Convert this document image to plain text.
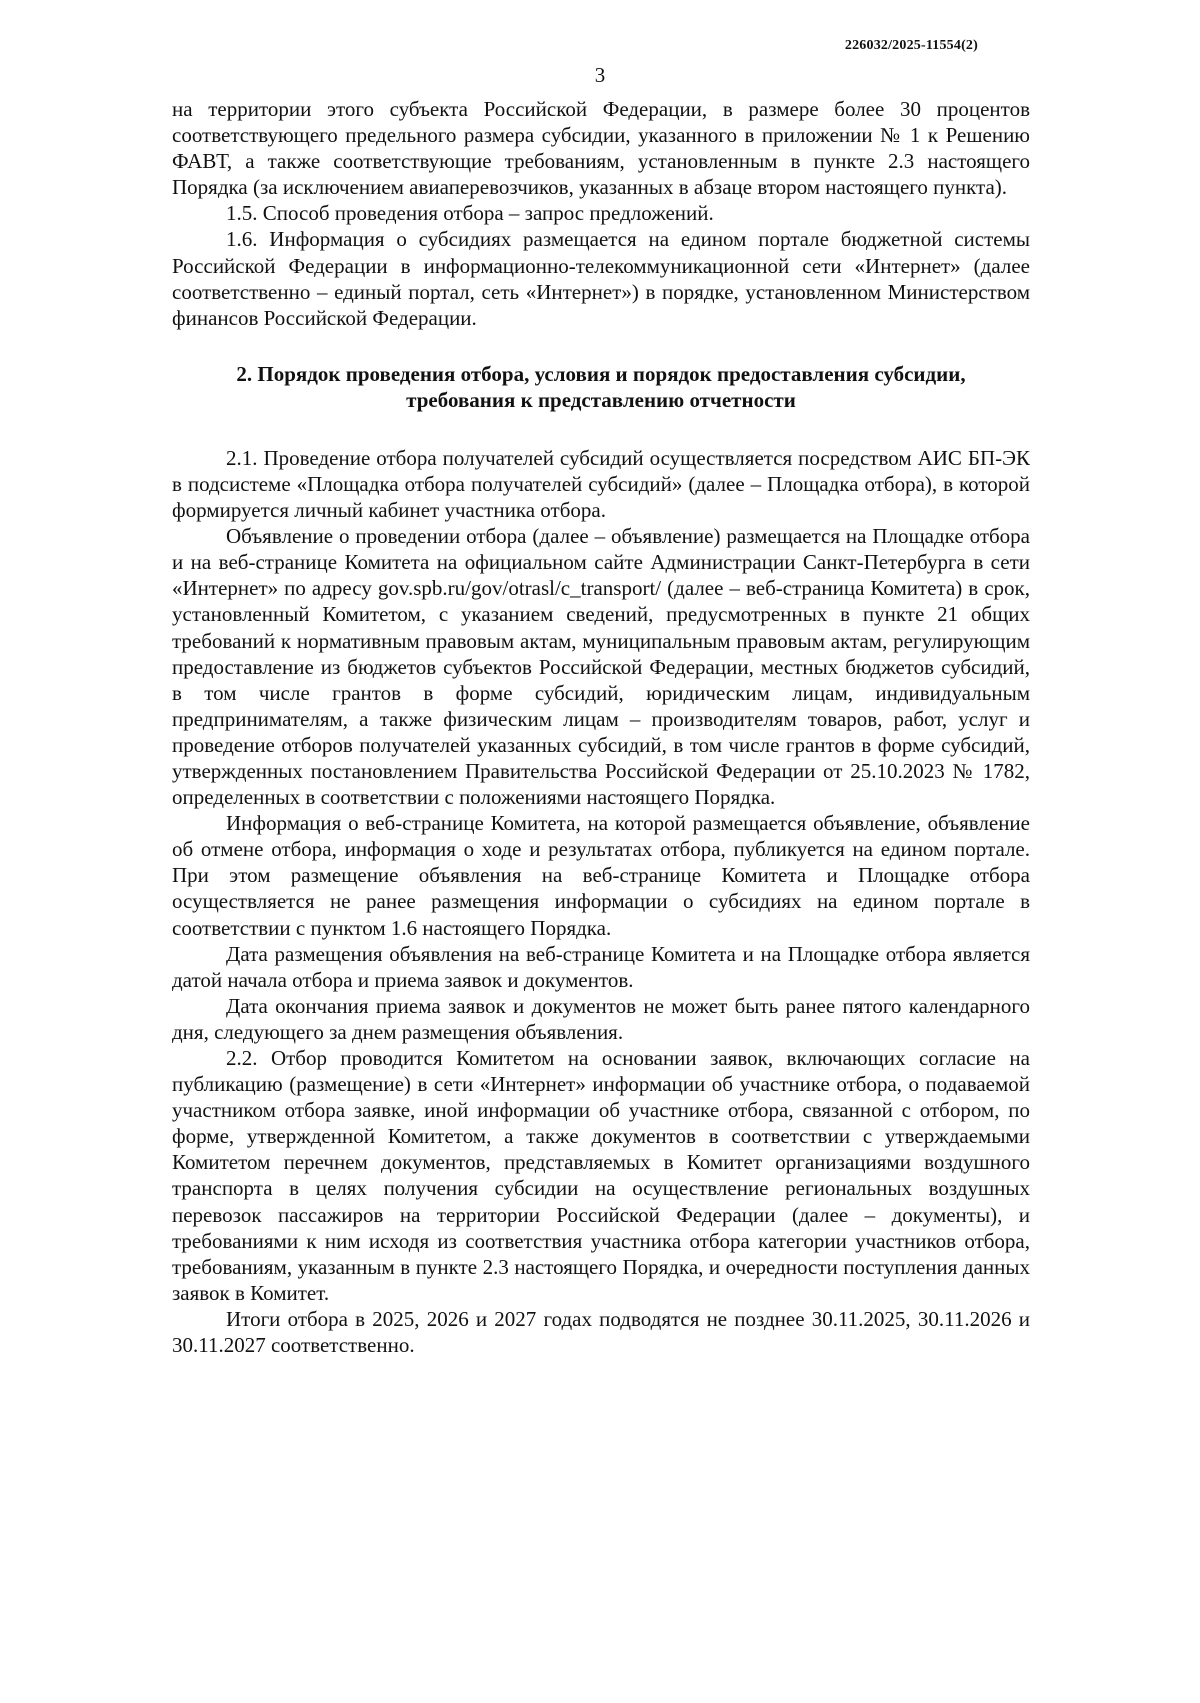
226032/2025-11554(2)
3

на территории этого субъекта Российской Федерации, в размере более 30 процентов соответствующего предельного размера субсидии, указанного в приложении № 1 к Решению ФАВТ, а также соответствующие требованиям, установленным в пункте 2.3 настоящего Порядка (за исключением авиаперевозчиков, указанных в абзаце втором настоящего пункта).

1.5. Способ проведения отбора – запрос предложений.

1.6. Информация о субсидиях размещается на едином портале бюджетной системы Российской Федерации в информационно-телекоммуникационной сети «Интернет» (далее соответственно – единый портал, сеть «Интернет») в порядке, установленном Министерством финансов Российской Федерации.

2. Порядок проведения отбора, условия и порядок предоставления субсидии,
требования к представлению отчетности

2.1. Проведение отбора получателей субсидий осуществляется посредством АИС БП-ЭК в подсистеме «Площадка отбора получателей субсидий» (далее – Площадка отбора), в которой формируется личный кабинет участника отбора.

Объявление о проведении отбора (далее – объявление) размещается на Площадке отбора и на веб-странице Комитета на официальном сайте Администрации Санкт-Петербурга в сети «Интернет» по адресу gov.spb.ru/gov/otrasl/c_transport/ (далее – веб-страница Комитета) в срок, установленный Комитетом, с указанием сведений, предусмотренных в пункте 21 общих требований к нормативным правовым актам, муниципальным правовым актам, регулирующим предоставление из бюджетов субъектов Российской Федерации, местных бюджетов субсидий, в том числе грантов в форме субсидий, юридическим лицам, индивидуальным предпринимателям, а также физическим лицам – производителям товаров, работ, услуг и проведение отборов получателей указанных субсидий, в том числе грантов в форме субсидий, утвержденных постановлением Правительства Российской Федерации от 25.10.2023 № 1782, определенных в соответствии с положениями настоящего Порядка.

Информация о веб-странице Комитета, на которой размещается объявление, объявление об отмене отбора, информация о ходе и результатах отбора, публикуется на едином портале. При этом размещение объявления на веб-странице Комитета и Площадке отбора осуществляется не ранее размещения информации о субсидиях на едином портале в соответствии с пунктом 1.6 настоящего Порядка.

Дата размещения объявления на веб-странице Комитета и на Площадке отбора является датой начала отбора и приема заявок и документов.

Дата окончания приема заявок и документов не может быть ранее пятого календарного дня, следующего за днем размещения объявления.

2.2. Отбор проводится Комитетом на основании заявок, включающих согласие на публикацию (размещение) в сети «Интернет» информации об участнике отбора, о подаваемой участником отбора заявке, иной информации об участнике отбора, связанной с отбором, по форме, утвержденной Комитетом, а также документов в соответствии с утверждаемыми Комитетом перечнем документов, представляемых в Комитет организациями воздушного транспорта в целях получения субсидии на осуществление региональных воздушных перевозок пассажиров на территории Российской Федерации (далее – документы), и требованиями к ним исходя из соответствия участника отбора категории участников отбора, требованиям, указанным в пункте 2.3 настоящего Порядка, и очередности поступления данных заявок в Комитет.

Итоги отбора в 2025, 2026 и 2027 годах подводятся не позднее 30.11.2025, 30.11.2026 и 30.11.2027 соответственно.
